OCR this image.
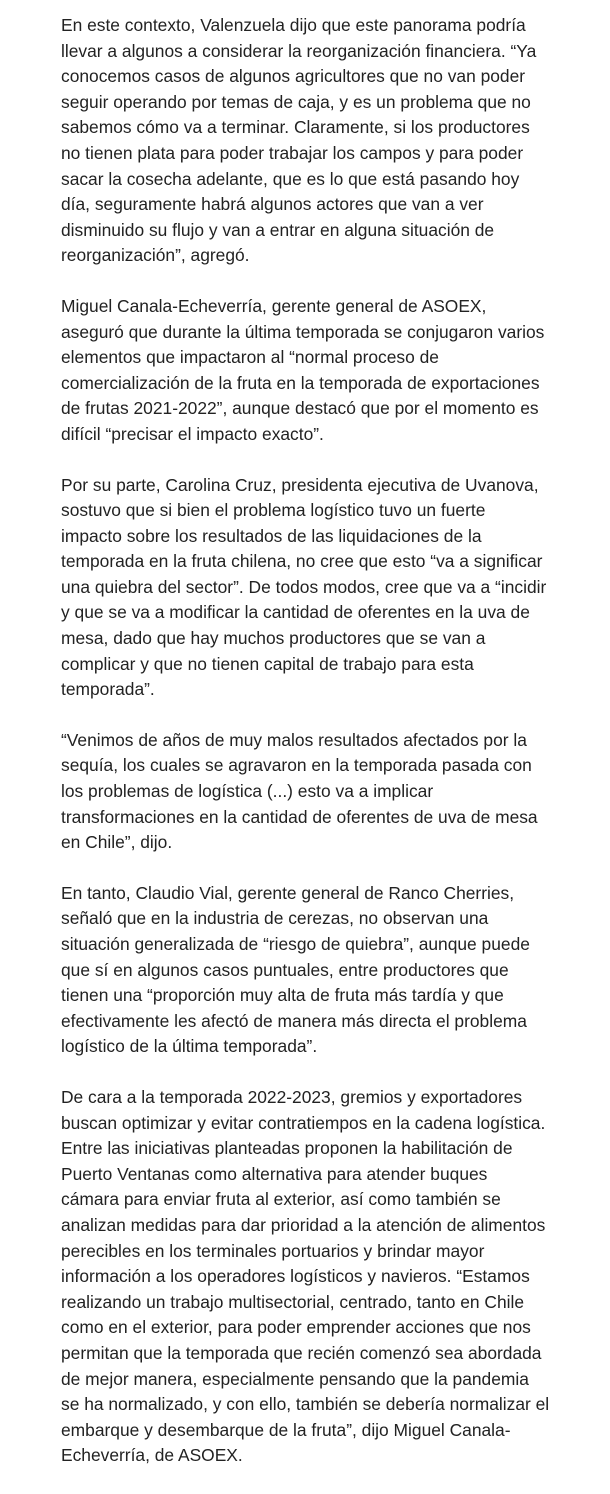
En este contexto, Valenzuela dijo que este panorama podría
llevar a algunos a considerar la reorganización financiera. “Ya
conocemos casos de algunos agricultores que no van poder
seguir operando por temas de caja, y es un problema que no
sabemos cómo va a terminar. Claramente, si los productores
no tienen plata para poder trabajar los campos y para poder
sacar la cosecha adelante, que es lo que está pasando hoy
día, seguramente habrá algunos actores que van a ver
disminuido su flujo y van a entrar en alguna situación de
reorganización”, agregó.

Miguel Canala-Echeverría, gerente general de ASOEX,
aseguró que durante la última temporada se conjugaron varios
elementos que impactaron al “normal proceso de
comercialización de la fruta en la temporada de exportaciones
de frutas 2021-2022”, aunque destacó que por el momento es
difícil “precisar el impacto exacto”.

Por su parte, Carolina Cruz, presidenta ejecutiva de Uvanova,
sostuvo que si bien el problema logístico tuvo un fuerte
impacto sobre los resultados de las liquidaciones de la
temporada en la fruta chilena, no cree que esto “va a significar
una quiebra del sector”. De todos modos, cree que va a “incidir
y que se va a modificar la cantidad de oferentes en la uva de
mesa, dado que hay muchos productores que se van a
complicar y que no tienen capital de trabajo para esta
temporada”.

“Venimos de años de muy malos resultados afectados por la
sequía, los cuales se agravaron en la temporada pasada con
los problemas de logística (...) esto va a implicar
transformaciones en la cantidad de oferentes de uva de mesa
en Chile”, dijo.

En tanto, Claudio Vial, gerente general de Ranco Cherries,
señaló que en la industria de cerezas, no observan una
situación generalizada de “riesgo de quiebra”, aunque puede
que sí en algunos casos puntuales, entre productores que
tienen una “proporción muy alta de fruta más tardía y que
efectivamente les afectó de manera más directa el problema
logístico de la última temporada”.

De cara a la temporada 2022-2023, gremios y exportadores
buscan optimizar y evitar contratiempos en la cadena logística.
Entre las iniciativas planteadas proponen la habilitación de
Puerto Ventanas como alternativa para atender buques
cámara para enviar fruta al exterior, así como también se
analizan medidas para dar prioridad a la atención de alimentos
perecibles en los terminales portuarios y brindar mayor
información a los operadores logísticos y navieros. “Estamos
realizando un trabajo multisectorial, centrado, tanto en Chile
como en el exterior, para poder emprender acciones que nos
permitan que la temporada que recién comenzó sea abordada
de mejor manera, especialmente pensando que la pandemia
se ha normalizado, y con ello, también se debería normalizar el
embarque y desembarque de la fruta”, dijo Miguel Canala-
Echeverría, de ASOEX.
